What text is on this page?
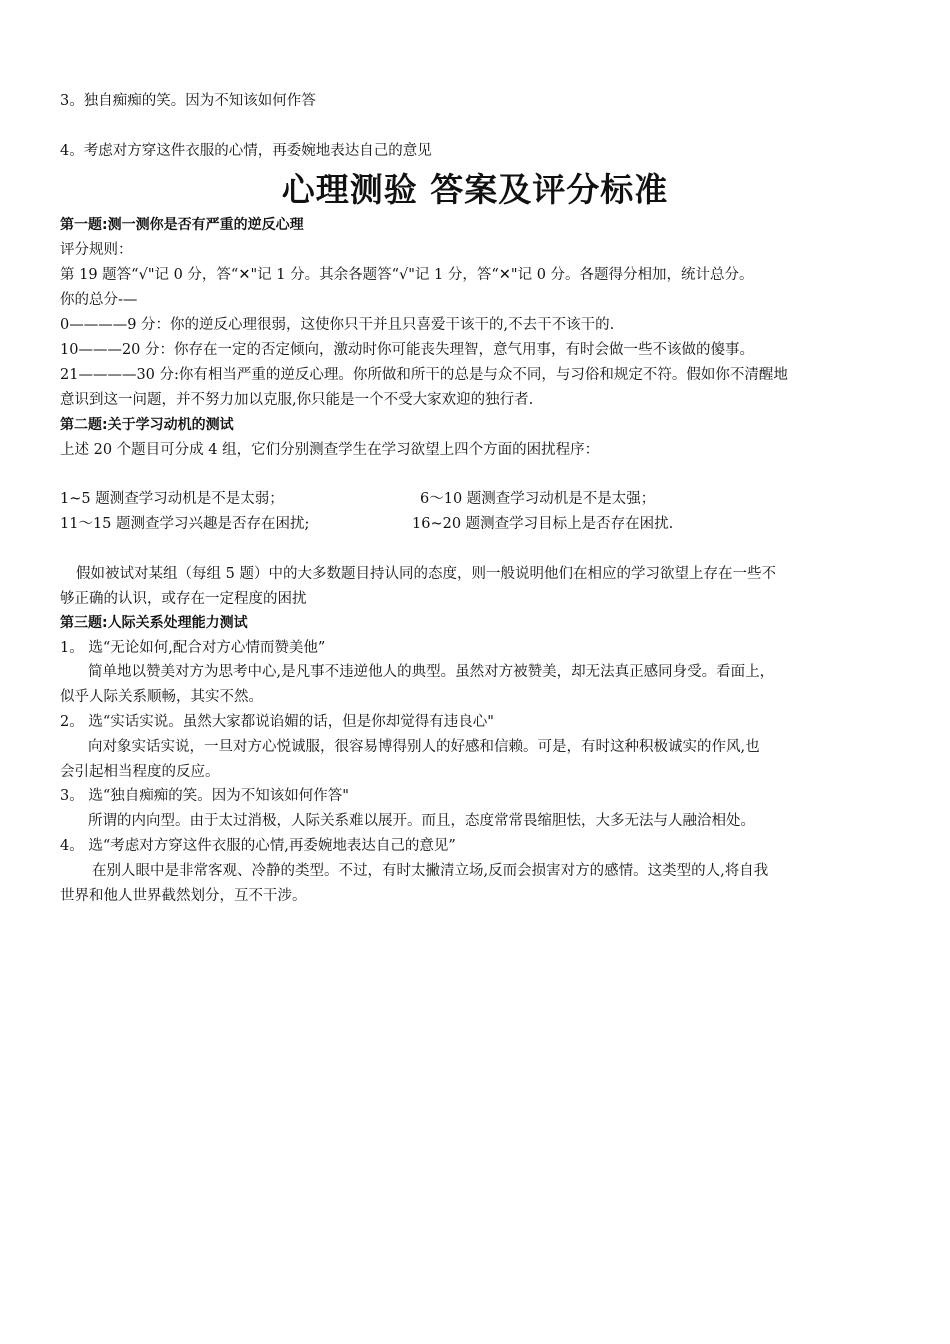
3。独自痴痴的笑。因为不知该如何作答
4。考虑对方穿这件衣服的心情，再委婉地表达自己的意见
心理测验 答案及评分标准
第一题:测一测你是否有严重的逆反心理
评分规则：
第 19 题答“√"记 0 分，答“✕"记 1 分。其余各题答“√"记 1 分，答“✕"记 0 分。各题得分相加，统计总分。
你的总分-—
0————9 分：你的逆反心理很弱，这使你只干并且只喜爱干该干的,不去干不该干的.
10———20 分：你存在一定的否定倾向，激动时你可能丧失理智，意气用事，有时会做一些不该做的傻事。
21————30 分:你有相当严重的逆反心理。你所做和所干的总是与众不同，与习俗和规定不符。假如你不清醒地
意识到这一问题，并不努力加以克服,你只能是一个不受大家欢迎的独行者.
第二题:关于学习动机的测试
上述 20 个题目可分成 4 组，它们分别测查学生在学习欲望上四个方面的困扰程序：
1~5 题测查学习动机是不是太弱；	6～10 题测查学习动机是不是太强；
11～15 题测查学习兴趣是否存在困扰;	16~20 题测查学习目标上是否存在困扰.
假如被试对某组（每组 5 题）中的大多数题目持认同的态度，则一般说明他们在相应的学习欲望上存在一些不
够正确的认识，或存在一定程度的困扰
第三题:人际关系处理能力测试
1。 选“无论如何,配合对方心情而赞美他”
简单地以赞美对方为思考中心,是凡事不违逆他人的典型。虽然对方被赞美，却无法真正感同身受。看面上，
似乎人际关系顺畅，其实不然。
2。 选“实话实说。虽然大家都说谄媚的话，但是你却觉得有违良心"
向对象实话实说，一旦对方心悦诚服，很容易博得别人的好感和信赖。可是，有时这种积极诚实的作风,也
会引起相当程度的反应。
3。 选“独自痴痴的笑。因为不知该如何作答"
所谓的内向型。由于太过消极，人际关系难以展开。而且，态度常常畏缩胆怯，大多无法与人融洽相处。
4。 选“考虑对方穿这件衣服的心情,再委婉地表达自己的意见”
在别人眼中是非常客观、冷静的类型。不过，有时太撇清立场,反而会损害对方的感情。这类型的人,将自我
世界和他人世界截然划分，互不干涉。
